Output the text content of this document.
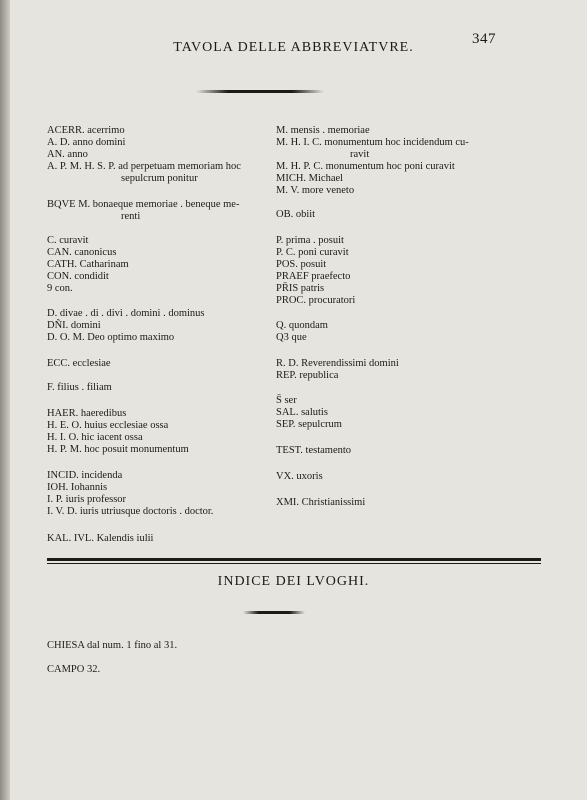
347
TAVOLA DELLE ABBREVIATVRE.
ACERR. acerrimo
A. D. anno domini
AN. anno
A. P. M. H. S. P. ad perpetuam memoriam hoc
sepulcrum ponitur
BQVE M. bonaeque memoriae . beneque me-
renti
C. curavit
CAN. canonicus
CATH. Catharinam
CON. condidit
9 con.
D. divae . di . divi . domini . dominus
DÑI. domini
D. O. M. Deo optimo maximo
ECC. ecclesiae
F. filius . filiam
HAER. haeredibus
H. E. O. huius ecclesiae ossa
H. I. O. hic iacent ossa
H. P. M. hoc posuit monumentum
INCID. incidenda
IOH. Iohannis
I. P. iuris professor
I. V. D. iuris utriusque doctoris . doctor.
KAL. IVL. Kalendis iulii
M. mensis . memoriae
M. H. I. C. monumentum hoc incidendum cu-
ravit
M. H. P. C. monumentum hoc poni curavit
MICH. Michael
M. V. more veneto
OB. obiit
P. prima . posuit
P. C. poni curavit
POS. posuit
PRAEF praefecto
PR̄IS patris
PROC. procuratori
Q. quondam
Q3 que
R. D. Reverendissimi domini
REP. republica
S̄ ser
SAL. salutis
SEP. sepulcrum
TEST. testamento
VX. uxoris
XMI. Christianissimi
INDICE DEI LVOGHI.
CHIESA dal num. 1 fino al 31.
CAMPO 32.
